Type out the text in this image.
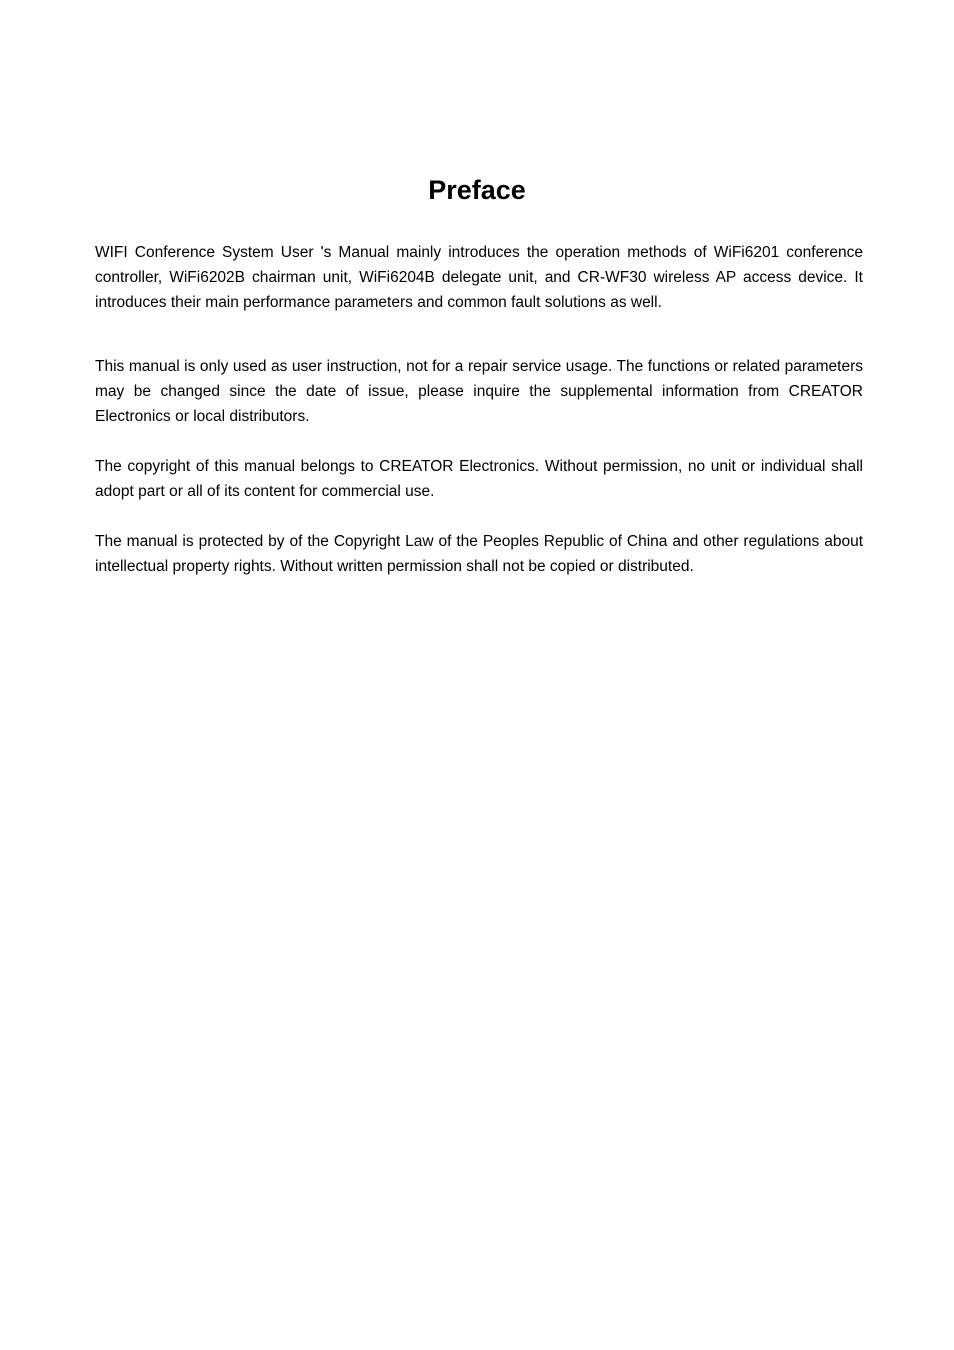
Preface

WIFI Conference System User 's Manual mainly introduces the operation methods of WiFi6201 conference controller, WiFi6202B chairman unit, WiFi6204B delegate unit, and CR-WF30 wireless AP access device. It introduces their main performance parameters and common fault solutions as well.

This manual is only used as user instruction, not for a repair service usage. The functions or related parameters may be changed since the date of issue, please inquire the supplemental information from CREATOR Electronics or local distributors.

The copyright of this manual belongs to CREATOR Electronics. Without permission, no unit or individual shall adopt part or all of its content for commercial use.

The manual is protected by of the Copyright Law of the Peoples Republic of China and other regulations about intellectual property rights. Without written permission shall not be copied or distributed.
